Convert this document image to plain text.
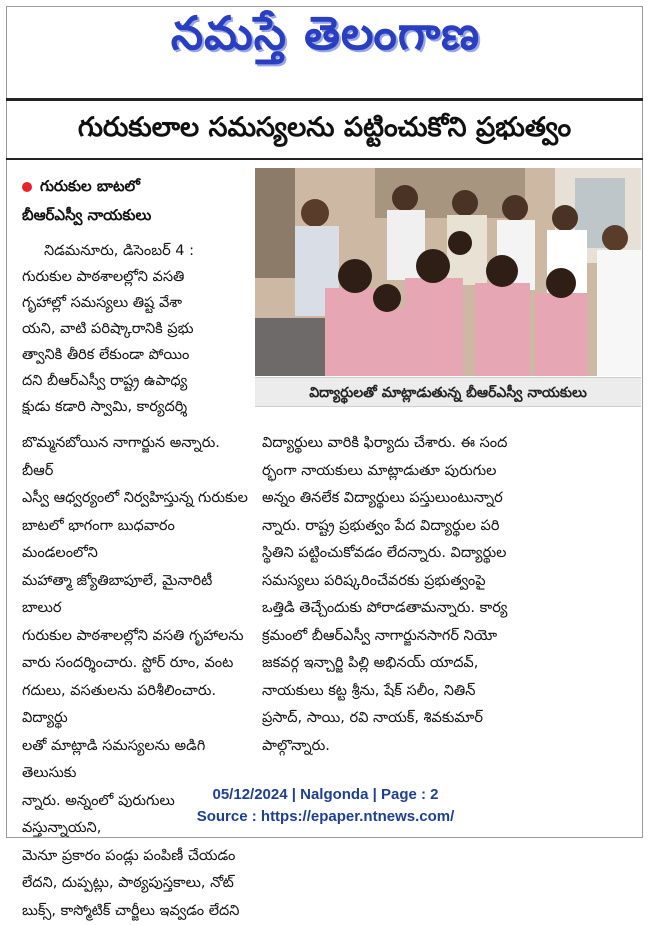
నమస్తే తెలంగాణ
గురుకులాల సమస్యలను పట్టించుకోని ప్రభుత్వం
గురుకుల బాటలో
బీఆర్ఎస్వీ నాయకులు
విద్యార్థులతో మాట్లాడుతున్న బీఆర్ఎస్వీ నాయకులు

నిడమనూరు, డిసెంబర్ 4 :

గురుకుల పాఠశాలల్లోని వసతి

గృహాల్లో సమస్యలు తిష్ట వేశా

యని, వాటి పరిష్కారానికి ప్రభు

త్వానికి తీరిక లేకుండా పోయిం

దని బీఆర్ఎస్వీ రాష్ట్ర ఉపాధ్య

క్షుడు కడారి స్వామి, కార్యదర్శి

బొమ్మనబోయిన నాగార్జున అన్నారు. బీఆర్

ఎస్వీ ఆధ్వర్యంలో నిర్వహిస్తున్న గురుకుల

బాటలో భాగంగా బుధవారం మండలంలోని

మహాత్మా జ్యోతిబాపూలే, మైనారిటీ బాలుర

గురుకుల పాఠశాలల్లోని వసతి గృహాలను

వారు సందర్శించారు. స్టోర్ రూం, వంట

గదులు, వసతులను పరిశీలించారు. విద్యార్థు

లతో మాట్లాడి సమస్యలను అడిగి తెలుసుకు

న్నారు. అన్నంలో పురుగులు వస్తున్నాయని,

మెనూ ప్రకారం పండ్లు పంపిణీ చేయడం

లేదని, దుప్పట్లు, పాఠ్యపుస్తకాలు, నోట్

బుక్స్, కాస్మోటిక్ చార్జీలు ఇవ్వడం లేదని

విద్యార్థులు వారికి ఫిర్యాదు చేశారు. ఈ సంద

ర్భంగా నాయకులు మాట్లాడుతూ పురుగుల

అన్నం తినలేక విద్యార్థులు పస్తులుంటున్నార

న్నారు. రాష్ట్ర ప్రభుత్వం పేద విద్యార్థుల పరి

స్థితిని పట్టించుకోవడం లేదన్నారు. విద్యార్థుల

సమస్యలు పరిష్కరించేవరకు ప్రభుత్వంపై

ఒత్తిడి తెచ్చేందుకు పోరాడతామన్నారు. కార్య

క్రమంలో బీఆర్ఎస్వీ నాగార్జునసాగర్ నియో

జకవర్గ ఇన్చార్జి పిల్లి అభినయ్ యాదవ్,

నాయకులు కట్ట శ్రీను, షేక్ సలీం, నితిన్

ప్రసాద్, సాయి, రవి నాయక్, శివకుమార్

పాల్గొన్నారు.

05/12/2024 | Nalgonda | Page : 2
Source : https://epaper.ntnews.com/
